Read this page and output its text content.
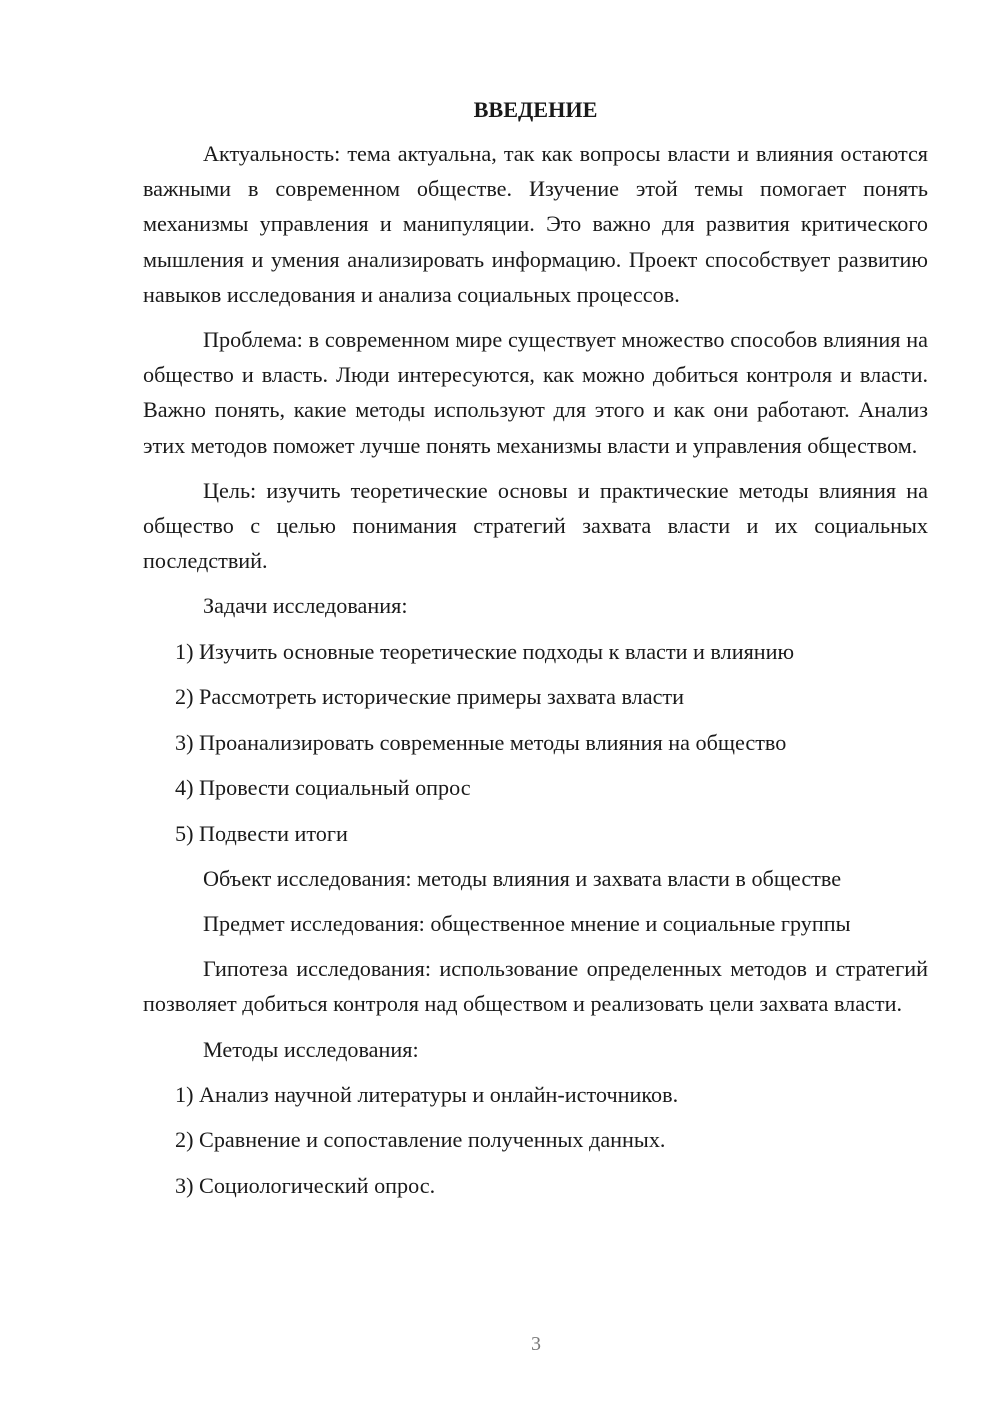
ВВЕДЕНИЕ

Актуальность: тема актуальна, так как вопросы власти и влияния остаются важными в современном обществе. Изучение этой темы помогает понять механизмы управления и манипуляции. Это важно для развития критического мышления и умения анализировать информацию. Проект способствует развитию навыков исследования и анализа социальных процессов.

Проблема: в современном мире существует множество способов влияния на общество и власть. Люди интересуются, как можно добиться контроля и власти. Важно понять, какие методы используют для этого и как они работают. Анализ этих методов поможет лучше понять механизмы власти и управления обществом.

Цель: изучить теоретические основы и практические методы влияния на общество с целью понимания стратегий захвата власти и их социальных последствий.

Задачи исследования:

1) Изучить основные теоретические подходы к власти и влиянию
2) Рассмотреть исторические примеры захвата власти
3) Проанализировать современные методы влияния на общество
4) Провести социальный опрос
5) Подвести итоги

Объект исследования: методы влияния и захвата власти в обществе

Предмет исследования: общественное мнение и социальные группы

Гипотеза исследования: использование определенных методов и стратегий позволяет добиться контроля над обществом и реализовать цели захвата власти.

Методы исследования:

1) Анализ научной литературы и онлайн-источников.
2) Сравнение и сопоставление полученных данных.
3) Социологический опрос.
3
